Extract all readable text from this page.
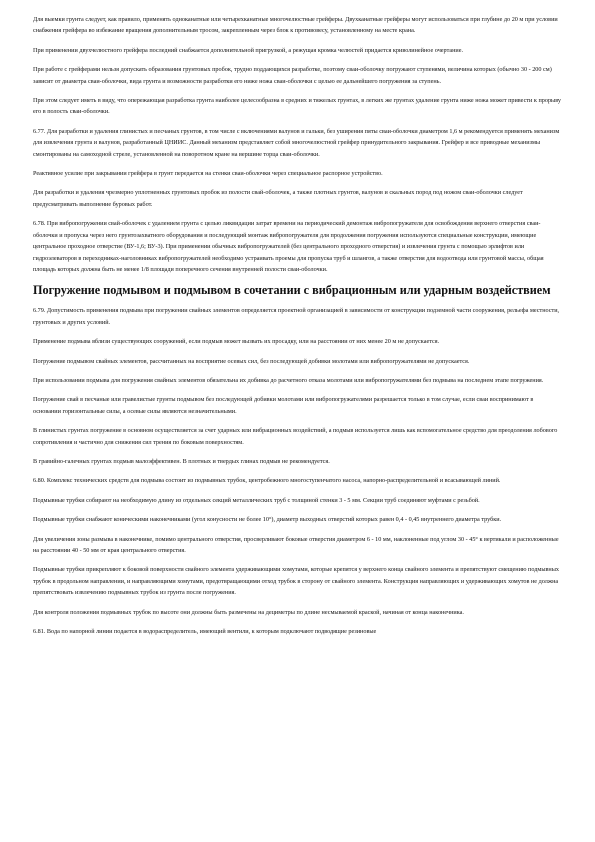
Для выемки грунта следует, как правило, применять одноканатные или четырехканатные многочелюстные грейферы. Двухканатные грейферы могут использоваться при глубине до 20 м при условии снабжения грейфера во избежание вращения дополнительным тросом, закрепленным через блок к противовесу, установленному на месте крана.

При применении двухчелюстного грейфера последний снабжается дополнительной пригрузкой, а режущая кромка челюстей придается криволинейное очертание.

При работе с грейферами нельзя допускать образования грунтовых пробок, трудно поддающихся разработке, поэтому сваи-оболочку погружают ступенями, величина которых (обычно 30 - 200 см) зависит от диаметра сваи-оболочки, вида грунта и возможности разработки его ниже ножа сваи-оболочки с целью ее дальнейшего погружения за ступень.

При этом следует иметь в виду, что опережающая разработка грунта наиболее целесообразна в средних и тяжелых грунтах, в легких же грунтах удаление грунта ниже ножа может привести к прорыву его в полость сваи-оболочки.

6.77. Для разработки и удаления глинистых и песчаных грунтов, в том числе с включениями валунов и гальки, без уширения пяты сваи-оболочки диаметром 1,6 м рекомендуется применять механизм для извлечения грунта и валунов, разработанный ЦНИИС. Данный механизм представляет собой многочелюстной грейфер принудительного закрывания. Грейфер и все приводные механизмы смонтированы на самоходной стреле, установленной на поворотном кране на вершине торца сваи-оболочки.

Реактивное усилие при закрывании грейфера в грунт передается на стенки сваи-оболочки через специальное распорное устройство.

Для разработки и удаления чрезмерно уплотненных грунтовых пробок из полости свай-оболочек, а также плотных грунтов, валунов и скальных пород под ножом сваи-оболочки следует предусматривать выполнение буровых работ.

6.78. При вибропогружении свай-оболочек с удалением грунта с целью ликвидации затрат времени на периодический демонтаж вибропогружателя для освобождения верхнего отверстия сваи-оболочки и пропуска через него грунтозахватного оборудования и последующий монтаж вибропогружателя для продолжения погружения используются специальные конструкции, имеющие центральное проходное отверстие (ВУ-1,6; ВУ-3). При применении обычных вибропогружателей (без центрального проходного отверстия) и извлечения грунта с помощью эрлифтов или гидроэлеваторов в переходниках-наголовниках вибропогружателей необходимо устраивать проемы для пропуска труб и шлангов, а также отверстия для водоотвода или грунтовой массы, общая площадь которых должна быть не менее 1/8 площади поперечного сечения внутренней полости сваи-оболочки.

Погружение подмывом и подмывом в сочетании с вибрационным или ударным воздействием

6.79. Допустимость применения подмыва при погружении свайных элементов определяется проектной организацией в зависимости от конструкции подземной части сооружения, рельефа местности, грунтовых и других условий.

Применение подмыва вблизи существующих сооружений, если подмыв может вызвать их просадку, или на расстоянии от них менее 20 м не допускается.

Погружение подмывом свайных элементов, рассчитанных на восприятие осевых сил, без последующей добивки молотами или вибропогружателями не допускается.

При использовании подмыва для погружения свайных элементов обязательна их добивка до расчетного отказа молотами или вибропогружателями без подмыва на последнем этапе погружения.

Погружение свай в песчаные или гравелистые грунты подмывом без последующей добивки молотами или вибропогружателями разрешается только в том случае, если сваи воспринимают в основании горизонтальные силы, а осевые силы являются незначительными.

В глинистых грунтах погружение в основном осуществляется за счет ударных или вибрационных воздействий, а подмыв используется лишь как вспомогательное средство для преодоления лобового сопротивления и частично для снижения сил трения по боковым поверхностям.

В гравийно-галечных грунтах подмыв малоэффективен. В плотных и твердых глинах подмыв не рекомендуется.

6.80. Комплекс технических средств для подмыва состоит из подмывных трубок, центробежного многоступенчатого насоса, напорно-распределительной и всасывающей линий.

Подмывные трубки собирают на необходимую длину из отдельных секций металлических труб с толщиной стенки 3 - 5 мм. Секции труб соединяют муфтами с резьбой.

Подмывные трубки снабжают коническими наконечниками (угол конусности не более 10°), диаметр выходных отверстий которых равен 0,4 - 0,45 внутреннего диаметра трубки.

Для увеличения зоны размыва в наконечнике, помимо центрального отверстия, просверливают боковые отверстия диаметром 6 - 10 мм, наклоненные под углом 30 - 45° к вертикали и расположенные на расстоянии 40 - 50 мм от края центрального отверстия.

Подмывные трубки прикрепляют к боковой поверхности свайного элемента удерживающими хомутами, которые крепятся у верхнего конца свайного элемента и препятствуют смещению подмывных трубок в продольном направлении, и направляющими хомутами, предотвращающими отход трубок в сторону от свайного элемента. Конструкция направляющих и удерживающих хомутов не должна препятствовать извлечению подмывных трубок из грунта после погружения.

Для контроля положения подмывных трубок по высоте они должны быть размечены на дециметры по длине несмываемой краской, начиная от конца наконечника.

6.81. Вода по напорной линии подается в водораспределитель, имеющий вентили, к которым подключают подводящие резиновые
